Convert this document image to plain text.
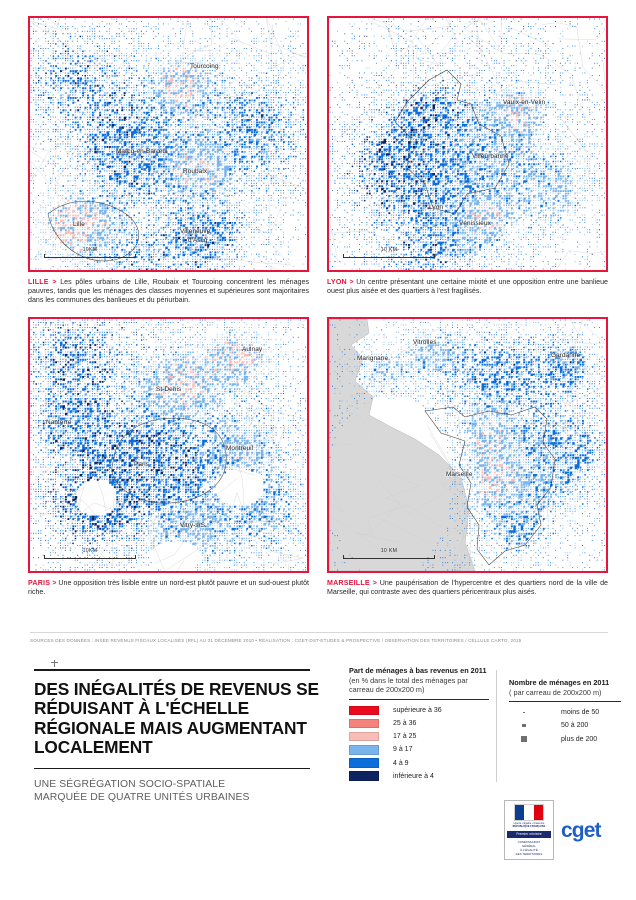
10KM
Tourcoing
Marcq-en-Barœul
Roubaix
Lille
Villeneuve
d'Ascq
LILLE > Les pôles urbains de Lille, Roubaix et Tourcoing concentrent les ménages pauvres, tandis que les ménages des classes moyennes et supérieures sont majoritaires dans les communes des banlieues et du périurbain.
10 KM
Vaulx-en-Velin
Villeurbanne
Lyon
Vénissieux
LYON > Un centre présentant une certaine mixité et une opposition entre une banlieue ouest plus aisée et des quartiers à l'est fragilisés.
10KM
Aulnay
St-Denis
Nanterre
Montreuil
Paris
Vitry-s/S
PARIS > Une opposition très lisible entre un nord-est plutôt pauvre et un sud-ouest plutôt riche.
10 KM
Vitrolles
Marignane	Gardanne
Marseille
MARSEILLE > Une paupérisation de l'hypercentre et des quartiers nord de la ville de Marseille, qui contraste avec des quartiers péricentraux plus aisés.
SOURCES DES DONNÉES : INSEE REVENUS FISCAUX LOCALISÉS (RFL) AU 31 DÉCEMBRE 2010 • RÉALISATION : CGET-DST-ETUDES & PROSPECTIVE / OBSERVATION DES TERRITOIRES / CELLULE CARTO, 2015
DES INÉGALITÉS DE REVENUS SE RÉDUISANT À L'ÉCHELLE RÉGIONALE MAIS AUGMENTANT LOCALEMENT
UNE SÉGRÉGATION SOCIO-SPATIALE
MARQUÉE DE QUATRE UNITÉS URBAINES
Part de ménages à bas revenus en 2011 (en % dans le total des ménages par carreau de 200x200 m)
supérieure à 36
25 à 36
17 à 25
9 à 17
4 à 9
inférieure à 4
Nombre de ménages en 2011
( par carreau de 200x200 m)
moins de 50
50 à 200
plus de 200
Liberté • Égalité • Fraternité
RÉPUBLIQUE FRANÇAISE
Premier ministre
COMMISSARIAT
GÉNÉRAL
À L'ÉGALITÉ
DES TERRITOIRES
cget
